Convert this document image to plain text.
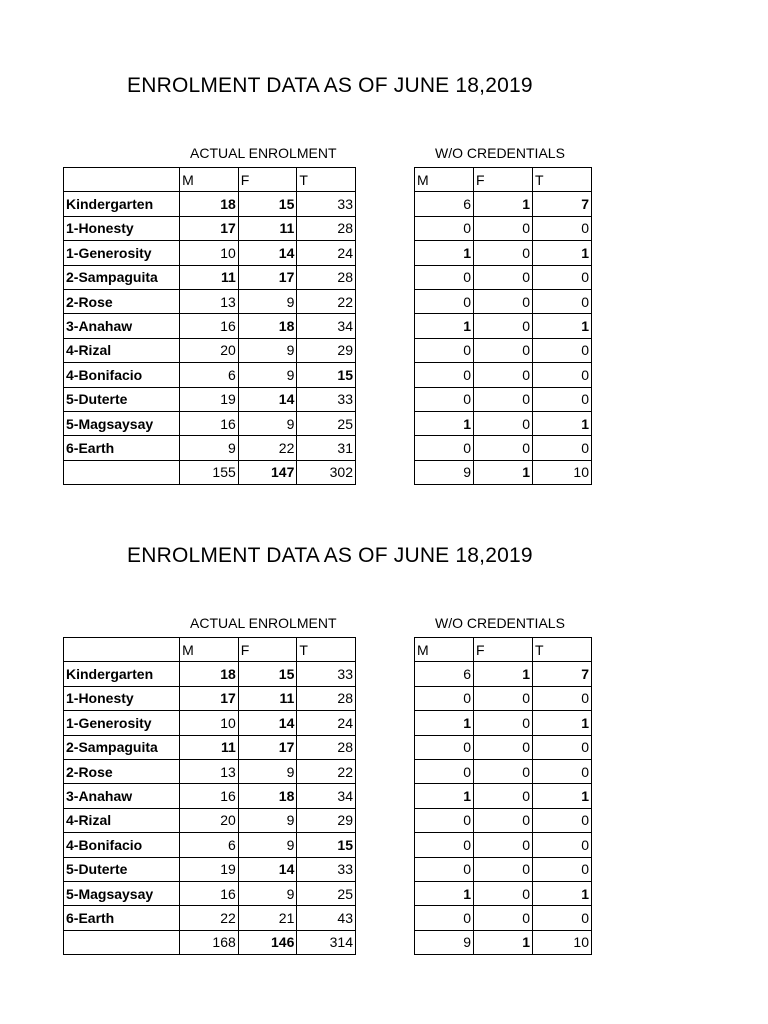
ENROLMENT DATA AS OF JUNE 18,2019
ACTUAL ENROLMENT	W/O CREDENTIALS
	M	F	T
Kindergarten	18	15	33
1-Honesty	17	11	28
1-Generosity	10	14	24
2-Sampaguita	11	17	28
2-Rose	13	9	22
3-Anahaw	16	18	34
4-Rizal	20	9	29
4-Bonifacio	6	9	15
5-Duterte	19	14	33
5-Magsaysay	16	9	25
6-Earth	9	22	31
	155	147	302
M	F	T
6	1	7
0	0	0
1	0	1
0	0	0
0	0	0
1	0	1
0	0	0
0	0	0
0	0	0
1	0	1
0	0	0
9	1	10
ENROLMENT DATA AS OF JUNE 18,2019
ACTUAL ENROLMENT	W/O CREDENTIALS
	M	F	T
Kindergarten	18	15	33
1-Honesty	17	11	28
1-Generosity	10	14	24
2-Sampaguita	11	17	28
2-Rose	13	9	22
3-Anahaw	16	18	34
4-Rizal	20	9	29
4-Bonifacio	6	9	15
5-Duterte	19	14	33
5-Magsaysay	16	9	25
6-Earth	22	21	43
	168	146	314
M	F	T
6	1	7
0	0	0
1	0	1
0	0	0
0	0	0
1	0	1
0	0	0
0	0	0
0	0	0
1	0	1
0	0	0
9	1	10
